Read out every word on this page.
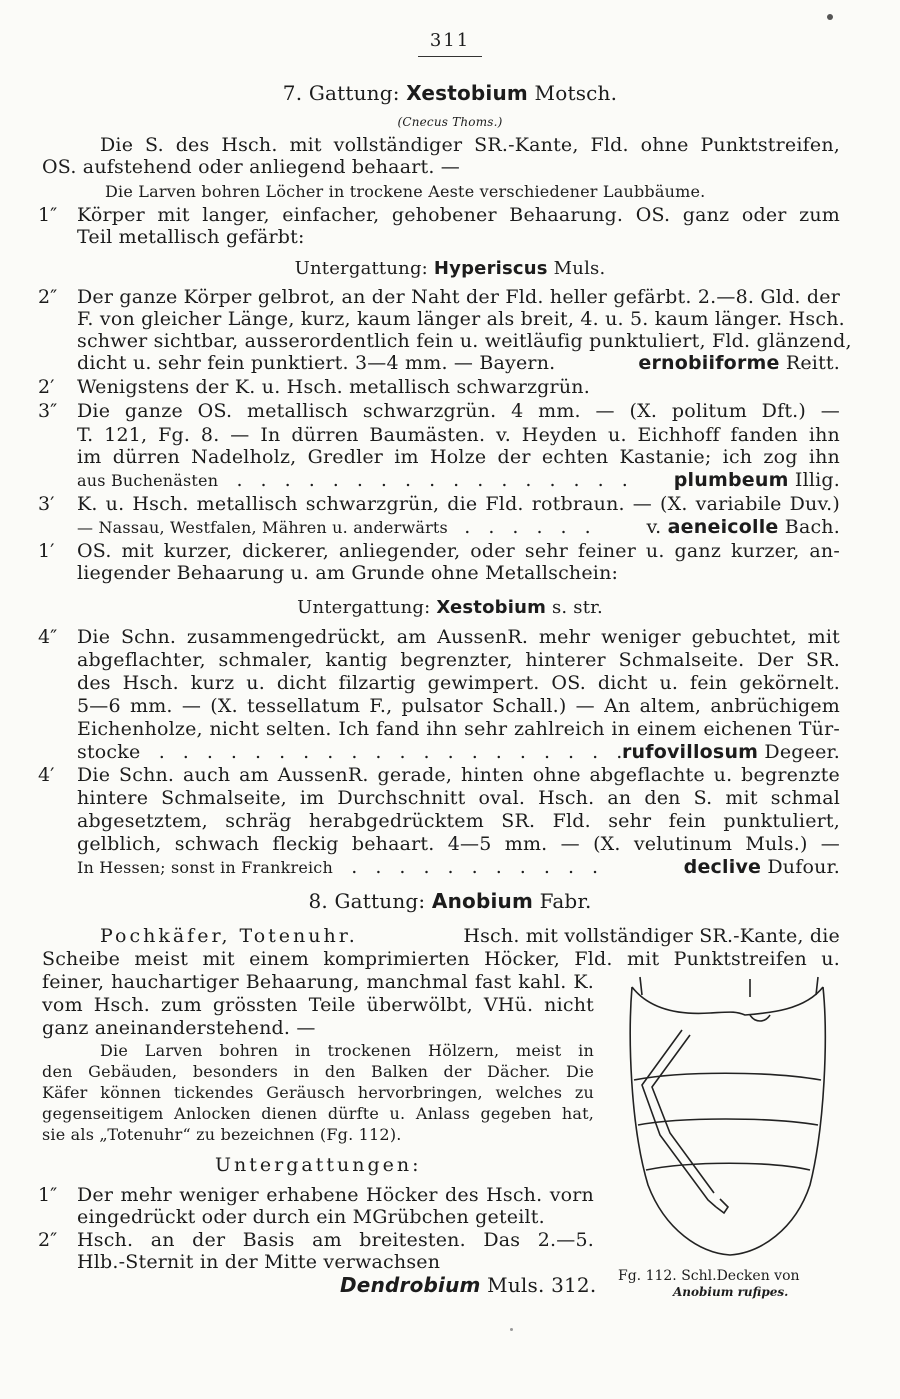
311
7. Gattung: Xestobium Motsch.
(Cnecus Thoms.)
Die S. des Hsch. mit vollständiger SR.-Kante, Fld. ohne Punktstreifen,
OS. aufstehend oder anliegend behaart. —
Die Larven bohren Löcher in trockene Aeste verschiedener Laubbäume.
1″	Körper mit langer, einfacher, gehobener Behaarung. OS. ganz oder zum
Teil metallisch gefärbt:
Untergattung: Hyperiscus Muls.
2″	Der ganze Körper gelbrot, an der Naht der Fld. heller gefärbt. 2.—8. Gld. der
F. von gleicher Länge, kurz, kaum länger als breit, 4. u. 5. kaum länger. Hsch.
schwer sichtbar, ausserordentlich fein u. weitläufig punktuliert, Fld. glänzend,
dicht u. sehr fein punktiert. 3—4 mm. — Bayern.	ernobiiforme Reitt.
2′	Wenigstens der K. u. Hsch. metallisch schwarzgrün.
3″	Die ganze OS. metallisch schwarzgrün. 4 mm. — (X. politum Dft.) —
T. 121, Fg. 8. — In dürren Baumästen. v. Heyden u. Eichhoff fanden ihn
im dürren Nadelholz, Gredler im Holze der echten Kastanie; ich zog ihn
aus Buchenästen . . . . . . . . . . . . . . . . . plumbeum Illig.
3′	K. u. Hsch. metallisch schwarzgrün, die Fld. rotbraun. — (X. variabile Duv.)
— Nassau, Westfalen, Mähren u. anderwärts . . . . . .	v. aeneicolle Bach.
1′	OS. mit kurzer, dickerer, anliegender, oder sehr feiner u. ganz kurzer, an-
liegender Behaarung u. am Grunde ohne Metallschein:
Untergattung: Xestobium s. str.
4″	Die Schn. zusammengedrückt, am AussenR. mehr weniger gebuchtet, mit
abgeflachter, schmaler, kantig begrenzter, hinterer Schmalseite. Der SR.
des Hsch. kurz u. dicht filzartig gewimpert. OS. dicht u. fein gekörnelt.
5—6 mm. — (X. tessellatum F., pulsator Schall.) — An altem, anbrüchigem
Eichenholze, nicht selten. Ich fand ihn sehr zahlreich in einem eichenen Tür-
stocke . . . . . . . . . . . . . . . . . . . .
rufovillosum Degeer.
4′	Die Schn. auch am AussenR. gerade, hinten ohne abgeflachte u. begrenzte
hintere Schmalseite, im Durchschnitt oval. Hsch. an den S. mit schmal
abgesetztem, schräg herabgedrücktem SR. Fld. sehr fein punktuliert,
gelblich, schwach fleckig behaart. 4—5 mm. — (X. velutinum Muls.) —
In Hessen; sonst in Frankreich . . . . . . . . . . .	declive Dufour.
8. Gattung: Anobium Fabr.
Pochkäfer, Totenuhr.	Hsch. mit vollständiger SR.-Kante, die
Scheibe meist mit einem komprimierten Höcker, Fld. mit Punktstreifen u.
feiner, hauchartiger Behaarung, manchmal fast kahl. K.
vom Hsch. zum grössten Teile überwölbt, VHü. nicht
ganz aneinanderstehend. —
Die Larven bohren in trockenen Hölzern, meist in
den Gebäuden, besonders in den Balken der Dächer. Die
Käfer können tickendes Geräusch hervorbringen, welches zu
gegenseitigem Anlocken dienen dürfte u. Anlass gegeben hat,
sie als „Totenuhr“ zu bezeichnen (Fg. 112).
Untergattungen:
1″	Der mehr weniger erhabene Höcker des Hsch. vorn
eingedrückt oder durch ein MGrübchen geteilt.
2″	Hsch. an der Basis am breitesten. Das 2.—5.
Hlb.-Sternit in der Mitte verwachsen
Dendrobium Muls. 312. Fg. 112. Schl.Decken von
Anobium rufipes.
